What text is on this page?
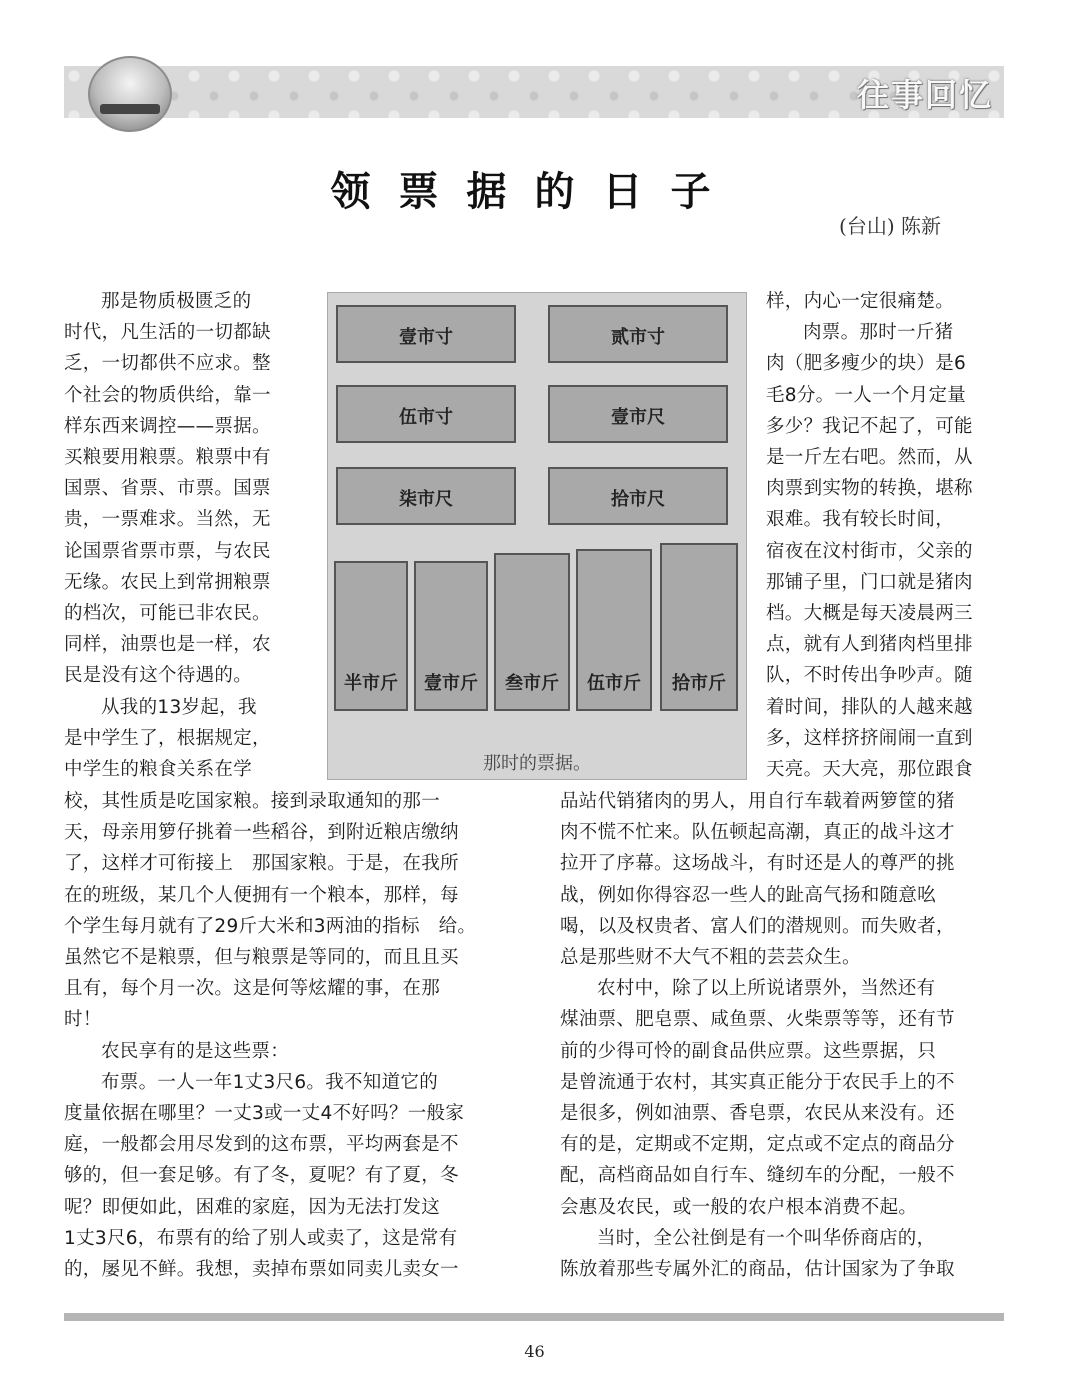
往事回忆
领票据的日子
(台山) 陈新
壹市寸	贰市寸
伍市寸	壹市尺
柒市尺	拾市尺
半市斤	壹市斤	叁市斤	伍市斤	拾市斤
那时的票据。

那是物质极匮乏的

时代，凡生活的一切都缺

乏，一切都供不应求。整

个社会的物质供给，靠一

样东西来调控——票据。

买粮要用粮票。粮票中有

国票、省票、市票。国票

贵，一票难求。当然，无

论国票省票市票，与农民

无缘。农民上到常拥粮票

的档次，可能已非农民。

同样，油票也是一样，农

民是没有这个待遇的。

从我的13岁起，我

是中学生了，根据规定，

中学生的粮食关系在学

校，其性质是吃国家粮。接到录取通知的那一

天，母亲用箩仔挑着一些稻谷，到附近粮店缴纳

了，这样才可衔接上　那国家粮。于是，在我所

在的班级，某几个人便拥有一个粮本，那样，每

个学生每月就有了29斤大米和3两油的指标　给。

虽然它不是粮票，但与粮票是等同的，而且且买

且有，每个月一次。这是何等炫耀的事，在那

时！

农民享有的是这些票：

布票。一人一年1丈3尺6。我不知道它的

度量依据在哪里？一丈3或一丈4不好吗？一般家

庭，一般都会用尽发到的这布票，平均两套是不

够的，但一套足够。有了冬，夏呢？有了夏，冬

呢？即便如此，困难的家庭，因为无法打发这

1丈3尺6，布票有的给了别人或卖了，这是常有

的，屡见不鲜。我想，卖掉布票如同卖儿卖女一

样，内心一定很痛楚。

肉票。那时一斤猪

肉（肥多瘦少的块）是6

毛8分。一人一个月定量

多少？我记不起了，可能

是一斤左右吧。然而，从

肉票到实物的转换，堪称

艰难。我有较长时间，

宿夜在汶村街市，父亲的

那铺子里，门口就是猪肉

档。大概是每天凌晨两三

点，就有人到猪肉档里排

队，不时传出争吵声。随

着时间，排队的人越来越

多，这样挤挤闹闹一直到

天亮。天大亮，那位跟食

品站代销猪肉的男人，用自行车载着两箩筐的猪

肉不慌不忙来。队伍顿起高潮，真正的战斗这才

拉开了序幕。这场战斗，有时还是人的尊严的挑

战，例如你得容忍一些人的趾高气扬和随意吆

喝，以及权贵者、富人们的潜规则。而失败者，

总是那些财不大气不粗的芸芸众生。

农村中，除了以上所说诸票外，当然还有

煤油票、肥皂票、咸鱼票、火柴票等等，还有节

前的少得可怜的副食品供应票。这些票据，只

是曾流通于农村，其实真正能分于农民手上的不

是很多，例如油票、香皂票，农民从来没有。还

有的是，定期或不定期，定点或不定点的商品分

配，高档商品如自行车、缝纫车的分配，一般不

会惠及农民，或一般的农户根本消费不起。

当时，全公社倒是有一个叫华侨商店的，

陈放着那些专属外汇的商品，估计国家为了争取

46
